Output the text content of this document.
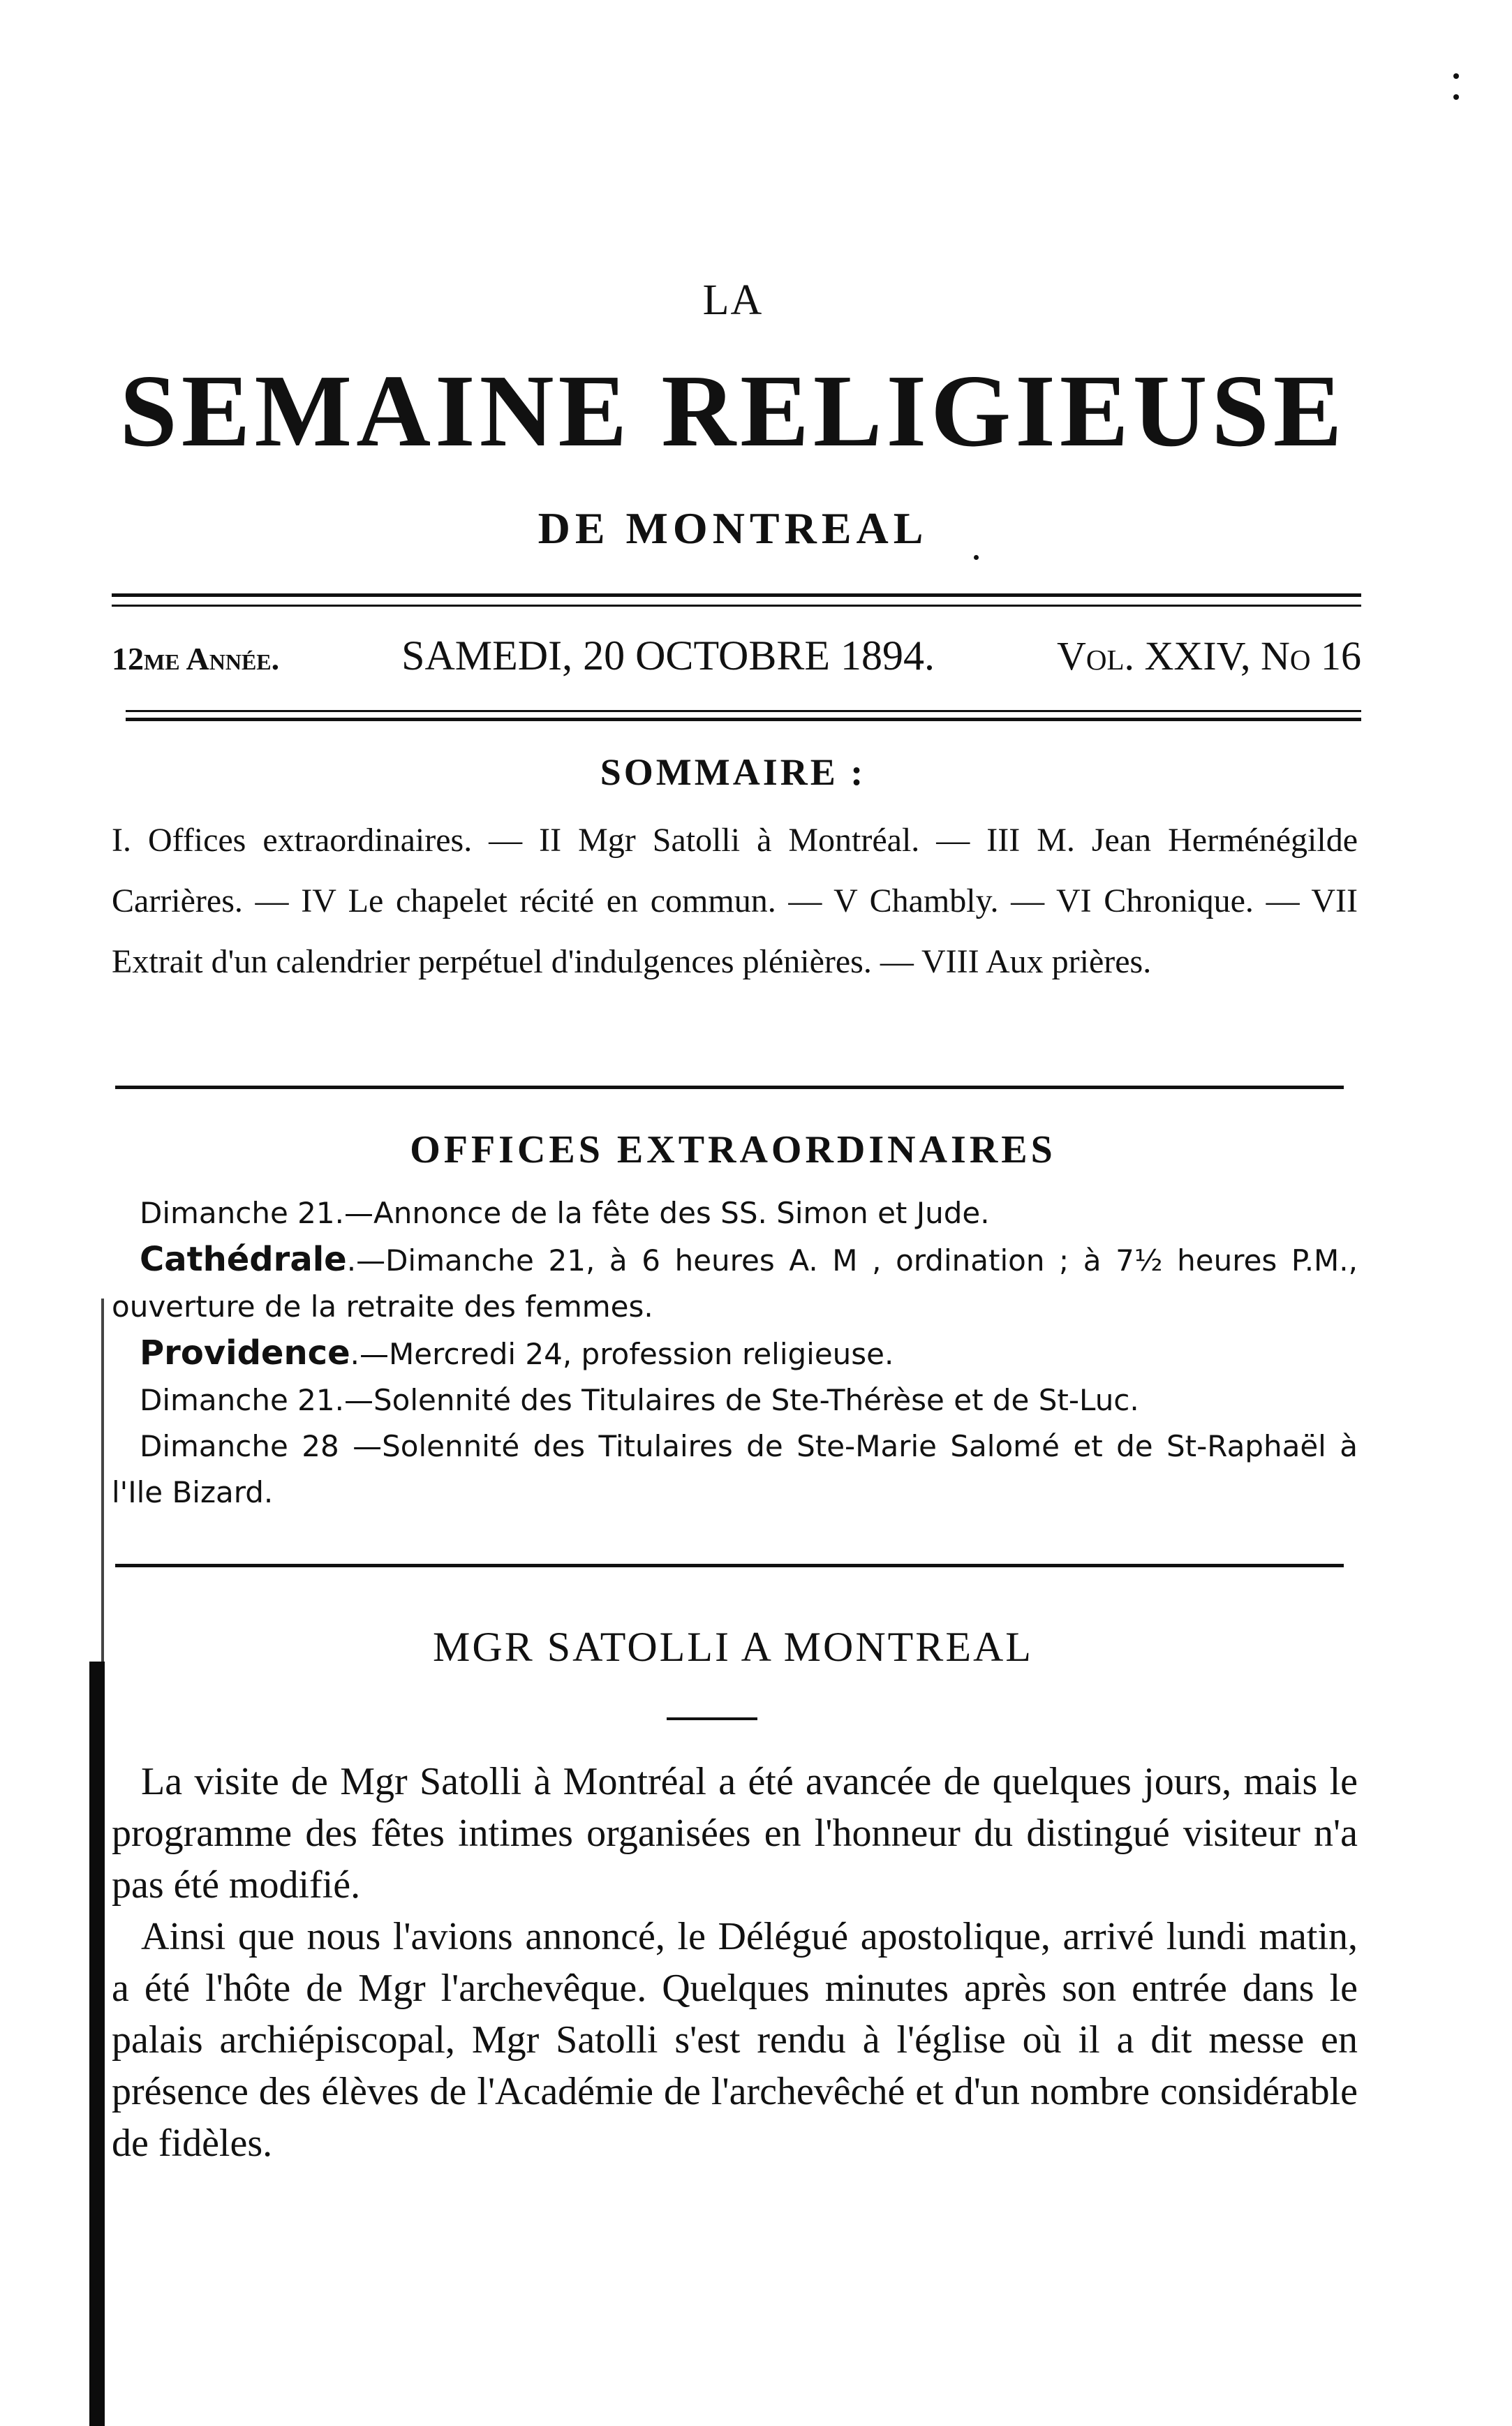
LA
SEMAINE RELIGIEUSE
DE MONTREAL
12me Année.	SAMEDI, 20 OCTOBRE 1894.	Vol. XXIV, No 16
SOMMAIRE :
I. Offices extraordinaires. — II Mgr Satolli à Montréal. — III M. Jean Herménégilde Carrières. — IV Le chapelet récité en commun. — V Chambly. — VI Chronique. — VII Extrait d'un calendrier perpétuel d'indulgences plénières. — VIII Aux prières.
OFFICES EXTRAORDINAIRES

Dimanche 21.—Annonce de la fête des SS. Simon et Jude.

Cathédrale.—Dimanche 21, à 6 heures A. M , ordination ; à 7½ heures P.M., ouverture de la retraite des femmes.

Providence.—Mercredi 24, profession religieuse.

Dimanche 21.—Solennité des Titulaires de Ste-Thérèse et de St-Luc.

Dimanche 28 —Solennité des Titulaires de Ste-Marie Salomé et de St-Raphaël à l'Ile Bizard.

MGR SATOLLI A MONTREAL

La visite de Mgr Satolli à Montréal a été avancée de quelques jours, mais le programme des fêtes intimes organisées en l'honneur du distingué visiteur n'a pas été modifié.

Ainsi que nous l'avions annoncé, le Délégué apostolique, arrivé lundi matin, a été l'hôte de Mgr l'archevêque. Quelques minutes après son entrée dans le palais archiépiscopal, Mgr Satolli s'est rendu à l'église où il a dit messe en présence des élèves de l'Académie de l'archevêché et d'un nombre considérable de fidèles.
